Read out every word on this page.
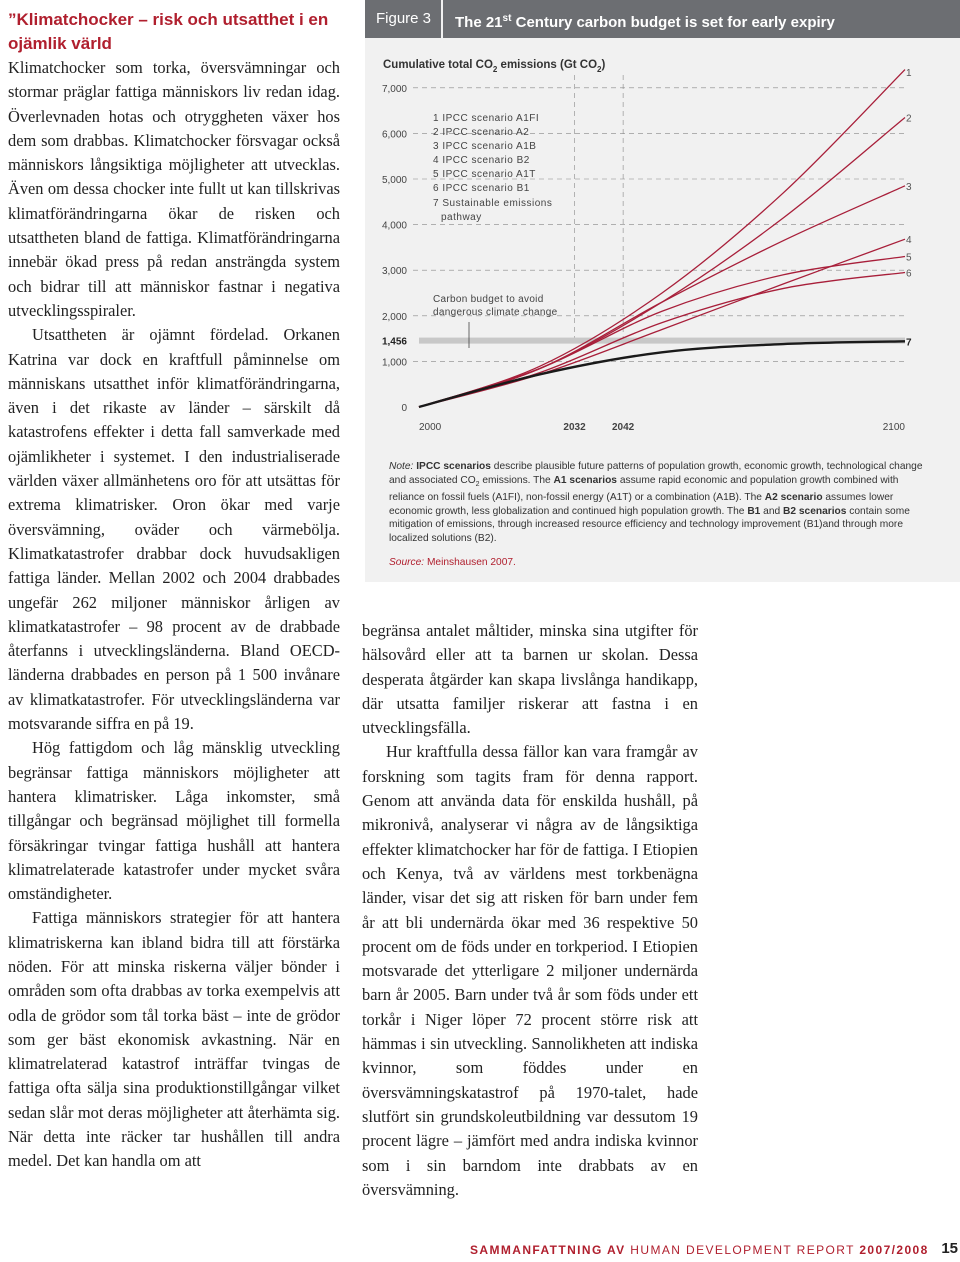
”Klimatchocker – risk och utsatthet i en ojämlik värld

Klimatchocker som torka, översvämningar och stormar präglar fattiga människors liv redan idag. Överlevnaden hotas och otryggheten växer hos dem som drabbas. Klimatchocker försvagar också människors långsiktiga möjligheter att utvecklas. Även om dessa chocker inte fullt ut kan tillskrivas klimatförändringarna ökar de risken och utsattheten bland de fattiga. Klimatförändringarna innebär ökad press på redan ansträngda system och bidrar till att människor fastnar i negativa utvecklingsspiraler.

Utsattheten är ojämnt fördelad. Orkanen Katrina var dock en kraftfull påminnelse om människans utsatthet inför klimatförändringarna, även i det rikaste av länder – särskilt då katastrofens effekter i detta fall samverkade med ojämlikheter i systemet. I den industrialiserade världen växer allmänhetens oro för att utsättas för extrema klimatrisker. Oron ökar med varje översvämning, oväder och värmebölja. Klimatkatastrofer drabbar dock huvudsakligen fattiga länder. Mellan 2002 och 2004 drabbades ungefär 262 miljoner människor årligen av klimatkatastrofer – 98 procent av de drabbade återfanns i utvecklingsländerna. Bland OECD-länderna drabbades en person på 1 500 invånare av klimatkatastrofer. För utvecklingsländerna var motsvarande siffra en på 19.

Hög fattigdom och låg mänsklig utveckling begränsar fattiga människors möjligheter att hantera klimatrisker. Låga inkomster, små tillgångar och begränsad möjlighet till formella försäkringar tvingar fattiga hushåll att hantera klimatrelaterade katastrofer under mycket svåra omständigheter.

Fattiga människors strategier för att hantera klimatriskerna kan ibland bidra till att förstärka nöden. För att minska riskerna väljer bönder i områden som ofta drabbas av torka exempelvis att odla de grödor som tål torka bäst – inte de grödor som ger bäst ekonomisk avkastning. När en klimatrelaterad katastrof inträffar tvingas de fattiga ofta sälja sina produktionstillgångar vilket sedan slår mot deras möjligheter att återhämta sig. När detta inte räcker tar hushållen till andra medel. Det kan handla om att

Figure 3	The 21st Century carbon budget is set for early expiry
Cumulative total $CO_2$ emissions (Gt $CO_2$)
7,000
6,000
5,000
4,000
3,000
2,000
1,000
0
1,456
2000	2032	2042	2100
1
2
3
4
5
6
7
1 IPCC scenario A1FI
2 IPCC scenario A2
3 IPCC scenario A1B
4 IPCC scenario B2
5 IPCC scenario A1T
6 IPCC scenario B1
7 Sustainable emissions
pathway
Carbon budget to avoid
dangerous climate change
Note: IPCC scenarios describe plausible future patterns of population growth, economic growth, technological change and associated $CO_2$ emissions. The A1 scenarios assume rapid economic and population growth combined with reliance on fossil fuels (A1FI), non-fossil energy (A1T) or a combination (A1B). The A2 scenario assumes lower economic growth, less globalization and continued high population growth. The B1 and B2 scenarios contain some mitigation of emissions, through increased resource efficiency and technology improvement (B1)and through more localized solutions (B2).
Source: Meinshausen 2007.

begränsa antalet måltider, minska sina utgifter för hälsovård eller att ta barnen ur skolan. Dessa desperata åtgärder kan skapa livslånga handikapp, där utsatta familjer riskerar att fastna i en utvecklingsfälla.

Hur kraftfulla dessa fällor kan vara framgår av forskning som tagits fram för denna rapport. Genom att använda data för enskilda hushåll, på mikronivå, analyserar vi några av de långsiktiga effekter klimatchocker har för de fattiga. I Etiopien och Kenya, två av världens mest torkbenägna länder, visar det sig att risken för barn under fem år att bli undernärda ökar med 36 respektive 50 procent om de föds under en torkperiod. I Etiopien motsvarade det ytterligare 2 miljoner undernärda barn år 2005. Barn under två år som föds under ett torkår i Niger löper 72 procent större risk att hämmas i sin utveckling. Sannolikheten att indiska kvinnor, som föddes under en översvämningskatastrof på 1970-talet, hade slutfört sin grundskoleutbildning var dessutom 19 procent lägre – jämfört med andra indiska kvinnor som i sin barndom inte drabbats av en översvämning.

SAMMANFATTNING AV HUMAN DEVELOPMENT REPORT 2007/2008 15
